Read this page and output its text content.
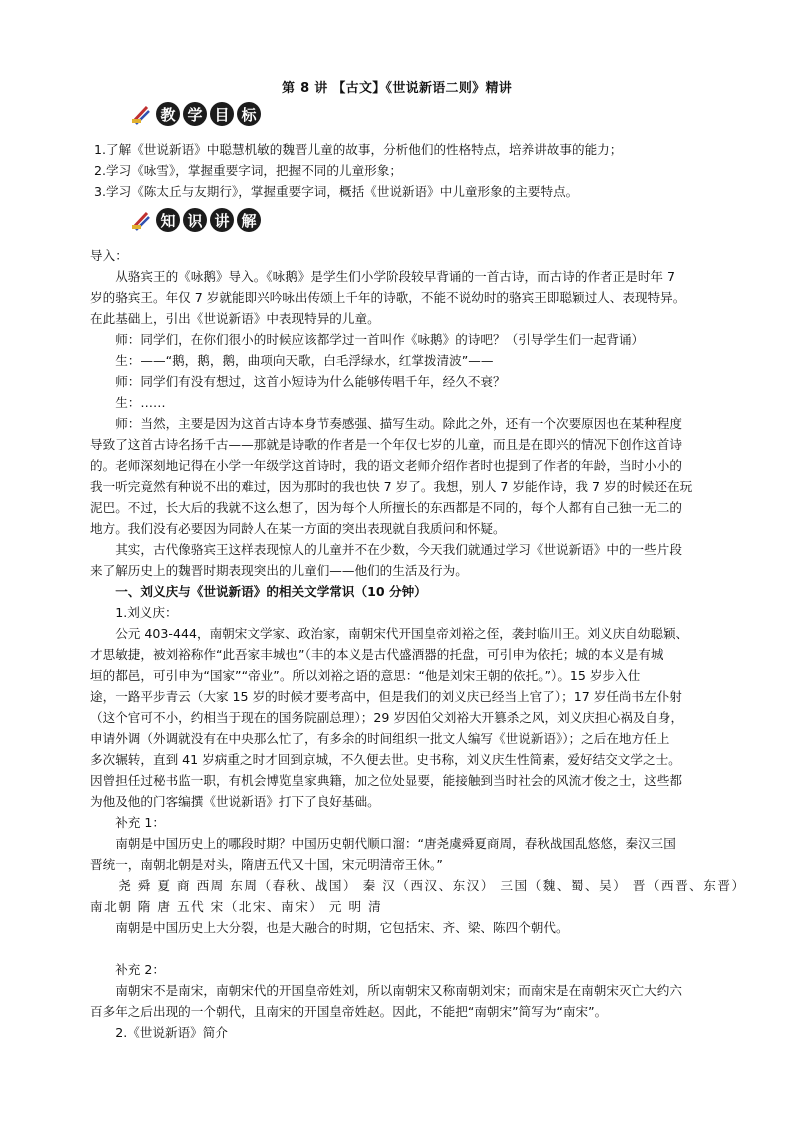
第 8 讲 【古文】《世说新语二则》精讲
教 学 目 标
1.了解《世说新语》中聪慧机敏的魏晋儿童的故事，分析他们的性格特点，培养讲故事的能力；
2.学习《咏雪》，掌握重要字词，把握不同的儿童形象；
3.学习《陈太丘与友期行》，掌握重要字词，概括《世说新语》中儿童形象的主要特点。
知 识 讲 解
导入：
　　从骆宾王的《咏鹅》导入。《咏鹅》是学生们小学阶段较早背诵的一首古诗，而古诗的作者正是时年 7
岁的骆宾王。年仅 7 岁就能即兴吟咏出传颂上千年的诗歌，不能不说幼时的骆宾王即聪颖过人、表现特异。
在此基础上，引出《世说新语》中表现特异的儿童。
　　师：同学们，在你们很小的时候应该都学过一首叫作《咏鹅》的诗吧？（引导学生们一起背诵）
　　生：——“鹅，鹅，鹅，曲项向天歌，白毛浮绿水，红掌拨清波”——
　　师：同学们有没有想过，这首小短诗为什么能够传唱千年，经久不衰？
　　生：……
　　师：当然，主要是因为这首古诗本身节奏感强、描写生动。除此之外，还有一个次要原因也在某种程度
导致了这首古诗名扬千古——那就是诗歌的作者是一个年仅七岁的儿童，而且是在即兴的情况下创作这首诗
的。老师深刻地记得在小学一年级学这首诗时，我的语文老师介绍作者时也提到了作者的年龄，当时小小的
我一听完竟然有种说不出的难过，因为那时的我也快 7 岁了。我想，别人 7 岁能作诗，我 7 岁的时候还在玩
泥巴。不过，长大后的我就不这么想了，因为每个人所擅长的东西都是不同的，每个人都有自己独一无二的
地方。我们没有必要因为同龄人在某一方面的突出表现就自我质问和怀疑。
　　其实，古代像骆宾王这样表现惊人的儿童并不在少数，今天我们就通过学习《世说新语》中的一些片段
来了解历史上的魏晋时期表现突出的儿童们——他们的生活及行为。
　　一、刘义庆与《世说新语》的相关文学常识（10 分钟）
　　1.刘义庆：
　　公元 403-444，南朝宋文学家、政治家，南朝宋代开国皇帝刘裕之侄，袭封临川王。刘义庆自幼聪颖、
才思敏捷，被刘裕称作“此吾家丰城也”（丰的本义是古代盛酒器的托盘，可引申为依托；城的本义是有城
垣的都邑，可引申为“国家”“帝业”。所以刘裕之语的意思：“他是刘宋王朝的依托。”）。15 岁步入仕
途，一路平步青云（大家 15 岁的时候才要考高中，但是我们的刘义庆已经当上官了）；17 岁任尚书左仆射
（这个官可不小，约相当于现在的国务院副总理）；29 岁因伯父刘裕大开篡杀之风，刘义庆担心祸及自身，
申请外调（外调就没有在中央那么忙了，有多余的时间组织一批文人编写《世说新语》）；之后在地方任上
多次辗转，直到 41 岁病重之时才回到京城，不久便去世。史书称，刘义庆生性简素，爱好结交文学之士。
因曾担任过秘书监一职，有机会博览皇家典籍，加之位处显要，能接触到当时社会的风流才俊之士，这些都
为他及他的门客编撰《世说新语》打下了良好基础。
　　补充 1：
　　南朝是中国历史上的哪段时期？中国历史朝代顺口溜：“唐尧虞舜夏商周，春秋战国乱悠悠，秦汉三国
晋统一，南朝北朝是对头，隋唐五代又十国，宋元明清帝王休。”
　　尧 舜 夏 商 西周 东周（春秋、战国） 秦 汉（西汉、东汉） 三国（魏、蜀、吴） 晋（西晋、东晋）
南北朝 隋 唐 五代 宋（北宋、南宋） 元 明 清
　　南朝是中国历史上大分裂，也是大融合的时期，它包括宋、齐、梁、陈四个朝代。
　　补充 2：
　　南朝宋不是南宋，南朝宋代的开国皇帝姓刘，所以南朝宋又称南朝刘宋；而南宋是在南朝宋灭亡大约六
百多年之后出现的一个朝代，且南宋的开国皇帝姓赵。因此，不能把“南朝宋”简写为“南宋”。
　　2.《世说新语》简介
